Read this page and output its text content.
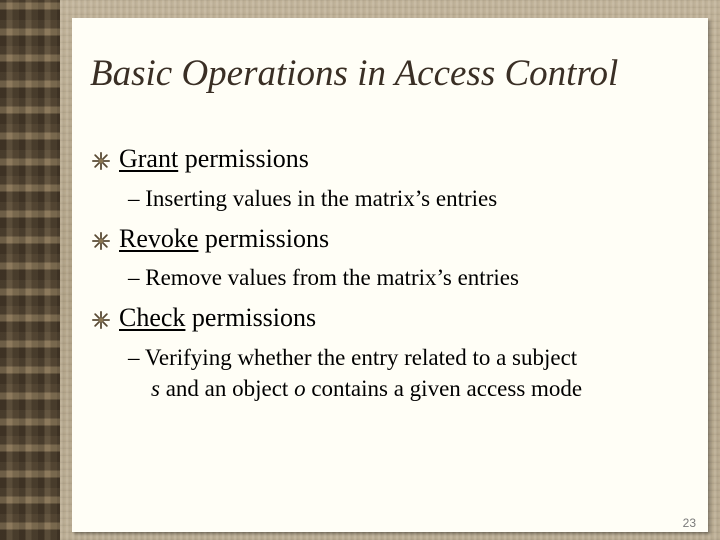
Basic Operations in Access Control
Grant permissions
– Inserting values in the matrix’s entries
Revoke permissions
– Remove values from the matrix’s entries
Check permissions
– Verifying whether the entry related to a subject
s and an object o contains a given access mode
23
